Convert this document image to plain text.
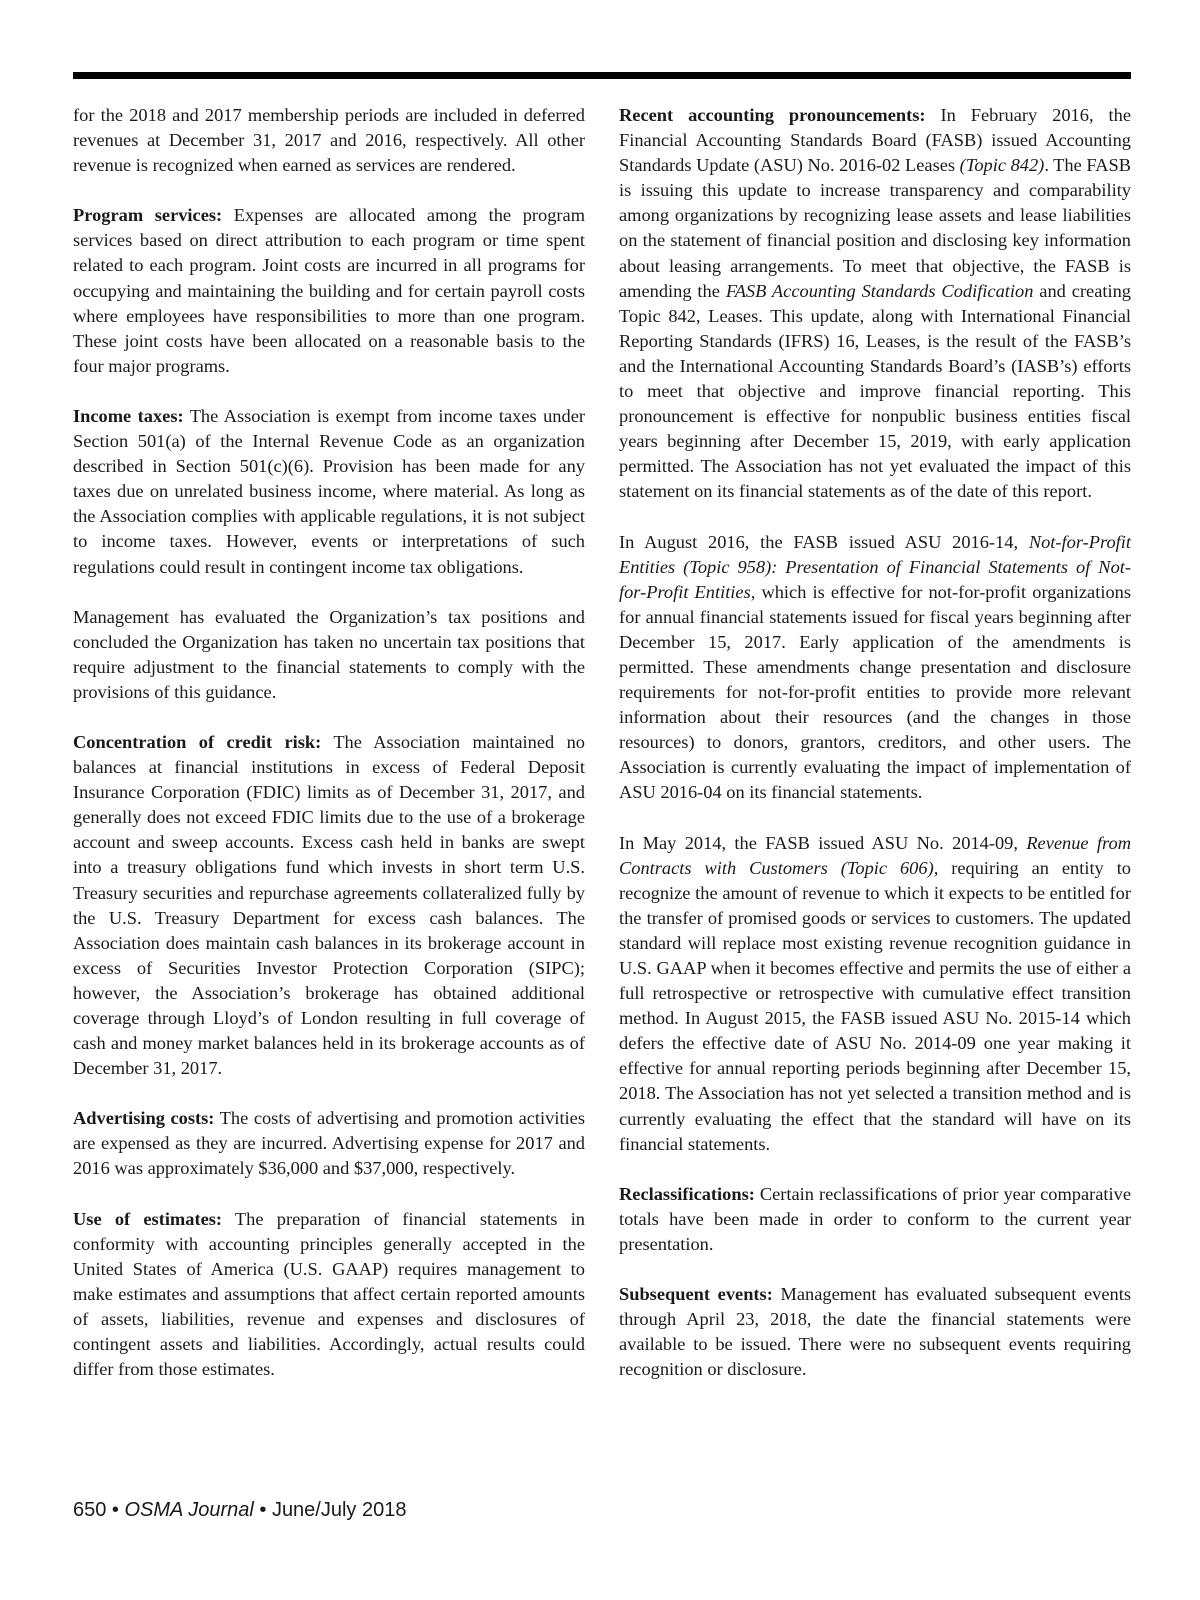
for the 2018 and 2017 membership periods are included in deferred revenues at December 31, 2017 and 2016, respectively. All other revenue is recognized when earned as services are rendered.

Program services: Expenses are allocated among the program services based on direct attribution to each program or time spent related to each program. Joint costs are incurred in all programs for occupying and maintaining the building and for certain payroll costs where employees have responsibilities to more than one program. These joint costs have been allocated on a reasonable basis to the four major programs.

Income taxes: The Association is exempt from income taxes under Section 501(a) of the Internal Revenue Code as an organization described in Section 501(c)(6). Provision has been made for any taxes due on unrelated business income, where material. As long as the Association complies with applicable regulations, it is not subject to income taxes. However, events or interpretations of such regulations could result in contingent income tax obligations.

Management has evaluated the Organization’s tax positions and concluded the Organization has taken no uncertain tax positions that require adjustment to the financial statements to comply with the provisions of this guidance.

Concentration of credit risk: The Association maintained no balances at financial institutions in excess of Federal Deposit Insurance Corporation (FDIC) limits as of December 31, 2017, and generally does not exceed FDIC limits due to the use of a brokerage account and sweep accounts. Excess cash held in banks are swept into a treasury obligations fund which invests in short term U.S. Treasury securities and repurchase agreements collateralized fully by the U.S. Treasury Department for excess cash balances. The Association does maintain cash balances in its brokerage account in excess of Securities Investor Protection Corporation (SIPC); however, the Association’s brokerage has obtained additional coverage through Lloyd’s of London resulting in full coverage of cash and money market balances held in its brokerage accounts as of December 31, 2017.

Advertising costs: The costs of advertising and promotion activities are expensed as they are incurred. Advertising expense for 2017 and 2016 was approximately $36,000 and $37,000, respectively.

Use of estimates: The preparation of financial statements in conformity with accounting principles generally accepted in the United States of America (U.S. GAAP) requires management to make estimates and assumptions that affect certain reported amounts of assets, liabilities, revenue and expenses and disclosures of contingent assets and liabilities. Accordingly, actual results could differ from those estimates.

Recent accounting pronouncements: In February 2016, the Financial Accounting Standards Board (FASB) issued Accounting Standards Update (ASU) No. 2016-02 Leases (Topic 842). The FASB is issuing this update to increase transparency and comparability among organizations by recognizing lease assets and lease liabilities on the statement of financial position and disclosing key information about leasing arrangements. To meet that objective, the FASB is amending the FASB Accounting Standards Codification and creating Topic 842, Leases. This update, along with International Financial Reporting Standards (IFRS) 16, Leases, is the result of the FASB’s and the International Accounting Standards Board’s (IASB’s) efforts to meet that objective and improve financial reporting. This pronouncement is effective for nonpublic business entities fiscal years beginning after December 15, 2019, with early application permitted. The Association has not yet evaluated the impact of this statement on its financial statements as of the date of this report.

In August 2016, the FASB issued ASU 2016-14, Not-for-Profit Entities (Topic 958): Presentation of Financial Statements of Not-for-Profit Entities, which is effective for not-for-profit organizations for annual financial statements issued for fiscal years beginning after December 15, 2017. Early application of the amendments is permitted. These amendments change presentation and disclosure requirements for not-for-profit entities to provide more relevant information about their resources (and the changes in those resources) to donors, grantors, creditors, and other users. The Association is currently evaluating the impact of implementation of ASU 2016-04 on its financial statements.

In May 2014, the FASB issued ASU No. 2014-09, Revenue from Contracts with Customers (Topic 606), requiring an entity to recognize the amount of revenue to which it expects to be entitled for the transfer of promised goods or services to customers. The updated standard will replace most existing revenue recognition guidance in U.S. GAAP when it becomes effective and permits the use of either a full retrospective or retrospective with cumulative effect transition method. In August 2015, the FASB issued ASU No. 2015-14 which defers the effective date of ASU No. 2014-09 one year making it effective for annual reporting periods beginning after December 15, 2018. The Association has not yet selected a transition method and is currently evaluating the effect that the standard will have on its financial statements.

Reclassifications: Certain reclassifications of prior year comparative totals have been made in order to conform to the current year presentation.

Subsequent events: Management has evaluated subsequent events through April 23, 2018, the date the financial statements were available to be issued. There were no subsequent events requiring recognition or disclosure.

650 • OSMA Journal • June/July 2018
